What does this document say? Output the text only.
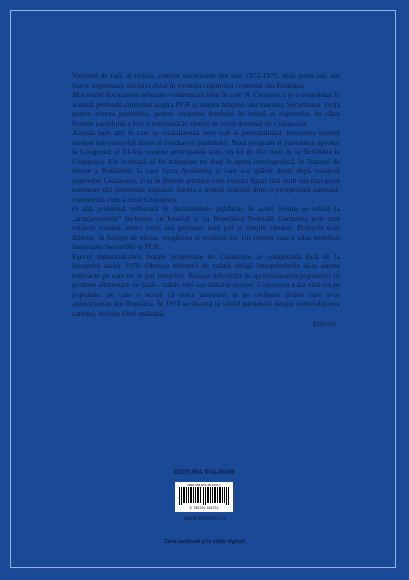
Volumul de față, al treilea, conține documente din anii 1972-1975, doar patru ani, dar foarte importanți, decisivi chiar în evoluția regimului comunist din România.

Mai multe documente selectate evidențiază felul în care N. Ceaușescu și-a consolidat în această perioadă controlul asupra PCR și asupra brațului său înarmat, Securitatea. Grija pentru averea partidului, pentru creșterea fondului în valută și exportului de către firmele partidului a fost o constantă în sfertul de secol dominat de Ceaușescu.

Aceștia sunt anii în care se cristalizează noul cult al personalității, rescrierea istoriei intrând sub controlul direct al conducerii partidului. Noul program al partidului, aprobat la Congresul al XI-lea, conține principalele teze, un fel de fire roșii de la Burebista la Ceaușescu. Ele urmează să fie transpuse nu doar în opera istoriografică, în Tratatul de istorie a României, la care lucra Academia și care n-a apărut decât după colapsul regimului Ceaușescu, ci și în filmele artistice care evocau figuri mai mult sau mai puțin conturate din panteonul național. Istoria a trebuit rescrisă dintr-o perspectivă național-comunistă, cum a cerut Ceaușescu.

O altă problemă reflectată în documentele publicate în acest volum se referă la „aranjamentele” încheiate cu Israelul și cu Republica Federală Germania prin care cetățeni români, etnici evrei sau germani, sunt pur și simplu vânduți. Prețurile erau diferite, în funcție de vârsta, pregătirea și profesia lor. Un comerț care a adus beneficii însemnate Securității și PCR.

Eșecul industrializării forțate promovate de Ceaușescu se conturează încă de la începutul anilor 1970. Obsesia obținerii de valută obligă întreprinderile să-și asume contracte pe care nu le pot îndeplini. Reapar dificultăți în aprovizionarea populației cu produse alimentare de bază – zahăr, ulei sau banalul usturoi. Ceaușescu a dat vina tot pe populație, pe care o acuză că stoca alimente, și pe cetățenii străini care și-ar aprovizionaо din România. În 1974 se discută la vârful partidului despre reintroducerea cartelei, decizia fiind amânată.

Editorii

EDITURA POLIROM
ISBN 978-973-46-4475-1
9 789734 644751
www.polirom.ro
Carte publicată și în ediție digitală
